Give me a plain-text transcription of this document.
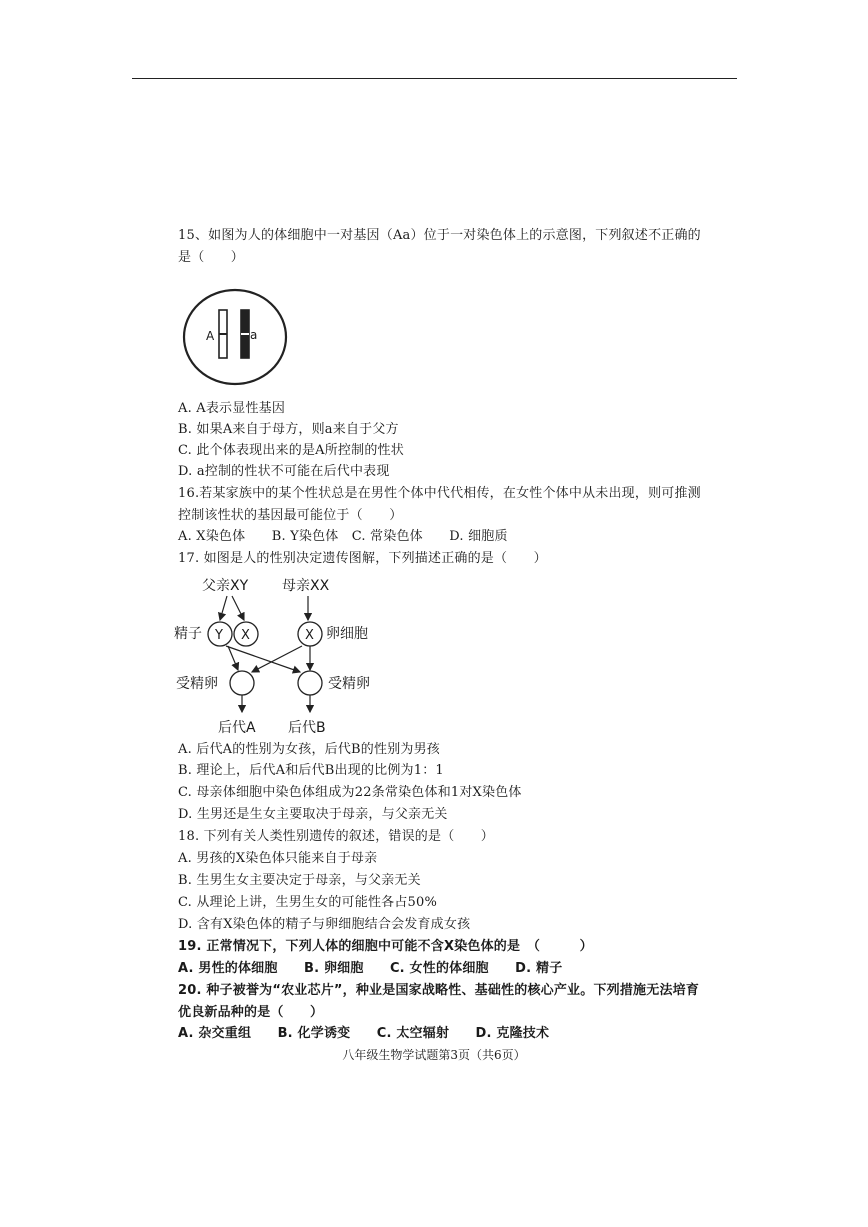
15、如图为人的体细胞中一对基因（Aa）位于一对染色体上的示意图，下列叙述不正确的
是（　　）
A	a
A. A表示显性基因
B. 如果A来自于母方，则a来自于父方
C. 此个体表现出来的是A所控制的性状
D. a控制的性状不可能在后代中表现
16.若某家族中的某个性状总是在男性个体中代代相传，在女性个体中从未出现，则可推测
控制该性状的基因最可能位于（　　）
A. X染色体　　B. Y染色体　C. 常染色体　　D. 细胞质
17. 如图是人的性别决定遗传图解，下列描述正确的是（　　）
父亲XY 母亲XX
精子 Y X	X 卵细胞
受精卵	受精卵
后代A 后代B
A. 后代A的性别为女孩，后代B的性别为男孩
B. 理论上，后代A和后代B出现的比例为1：1
C. 母亲体细胞中染色体组成为22条常染色体和1对X染色体
D. 生男还是生女主要取决于母亲，与父亲无关
18. 下列有关人类性别遗传的叙述，错误的是（　　）
A. 男孩的X染色体只能来自于母亲
B. 生男生女主要决定于母亲，与父亲无关
C. 从理论上讲，生男生女的可能性各占50%
D. 含有X染色体的精子与卵细胞结合会发育成女孩
19. 正常情况下，下列人体的细胞中可能不含X染色体的是　（　　　）
A. 男性的体细胞　　B. 卵细胞　　C. 女性的体细胞　　D. 精子
20. 种子被誉为“农业芯片”，种业是国家战略性、基础性的核心产业。下列措施无法培育
优良新品种的是（　　）
A. 杂交重组　　B. 化学诱变　　C. 太空辐射　　D. 克隆技术
八年级生物学试题第3页（共6页）
